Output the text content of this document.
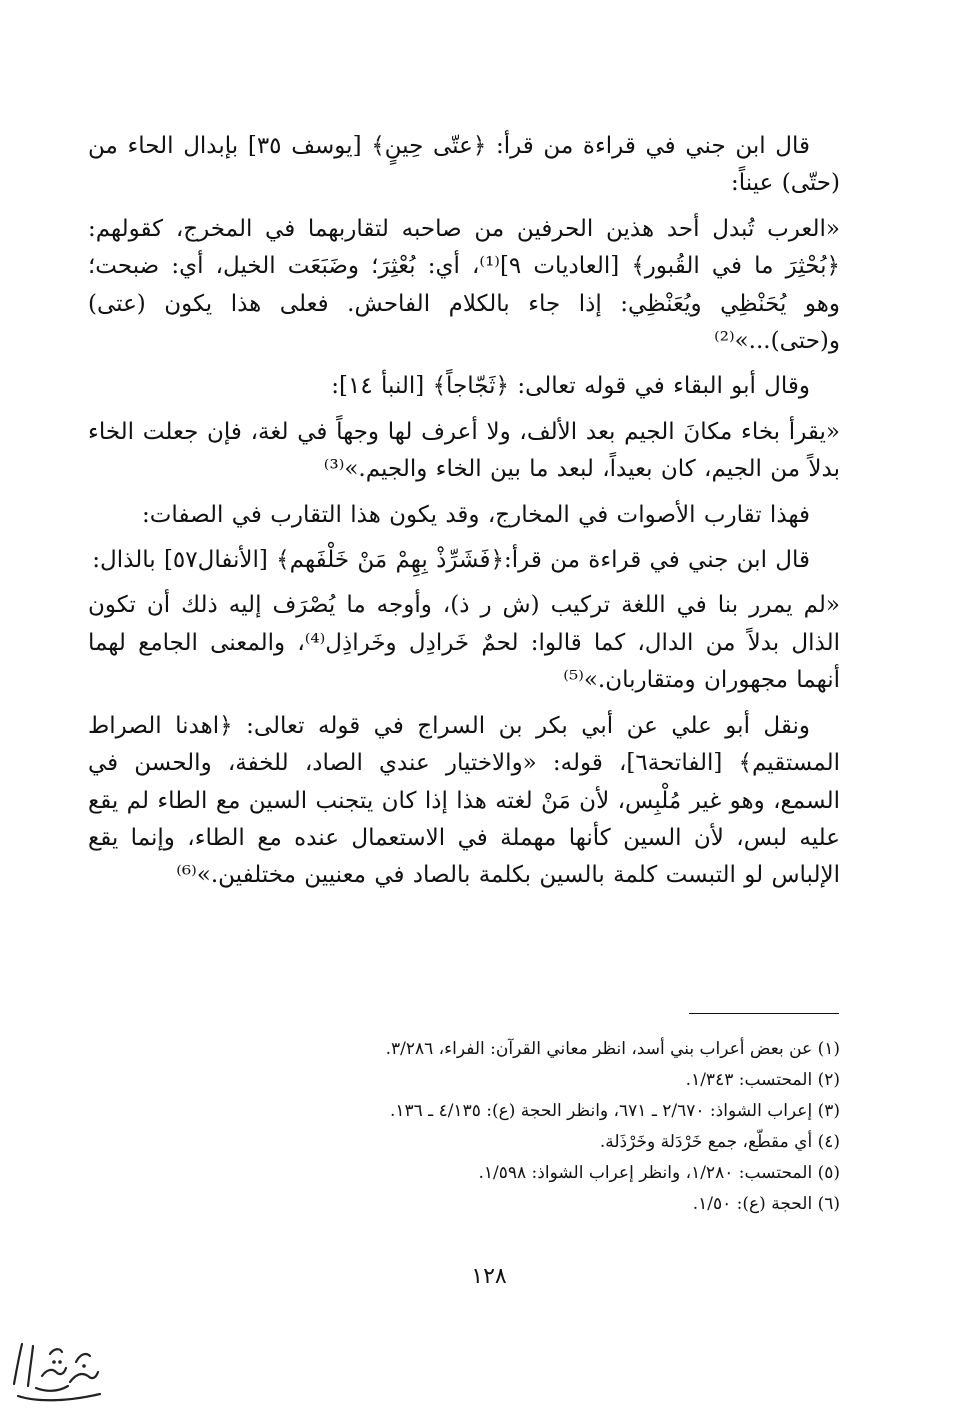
قال ابن جني في قراءة من قرأ: ﴿عتّى حِينٍ﴾ [يوسف ٣٥] بإبدال الحاء من (حتّى) عيناً:

«العرب تُبدل أحد هذين الحرفين من صاحبه لتقاربهما في المخرج، كقولهم: ﴿بُحْثِرَ ما في القُبور﴾ [العاديات ٩]⁽¹⁾، أي: بُعْثِرَ؛ وضَبَعَت الخيل، أي: ضبحت؛ وهو يُحَنْظِي ويُعَنْظِي: إذا جاء بالكلام الفاحش. فعلى هذا يكون (عتى) و(حتى)...»⁽²⁾

وقال أبو البقاء في قوله تعالى: ﴿ثَجّاجاً﴾ [النبأ ١٤]:

«يقرأ بخاء مكانَ الجيم بعد الألف، ولا أعرف لها وجهاً في لغة، فإن جعلت الخاء بدلاً من الجيم، كان بعيداً، لبعد ما بين الخاء والجيم.»⁽³⁾

فهذا تقارب الأصوات في المخارج، وقد يكون هذا التقارب في الصفات:

قال ابن جني في قراءة من قرأ:﴿فَشَرِّذْ بِهِمْ مَنْ خَلْفَهم﴾ [الأنفال٥٧] بالذال:

«لم يمرر بنا في اللغة تركيب (ش ر ذ)، وأوجه ما يُصْرَف إليه ذلك أن تكون الذال بدلاً من الدال، كما قالوا: لحمٌ خَرادِل وخَراذِل⁽⁴⁾، والمعنى الجامع لهما أنهما مجهوران ومتقاربان.»⁽⁵⁾

ونقل أبو علي عن أبي بكر بن السراج في قوله تعالى: ﴿اهدنا الصراط المستقيم﴾ [الفاتحة٦]، قوله: «والاختيار عندي الصاد، للخفة، والحسن في السمع، وهو غير مُلْبِس، لأن مَنْ لغته هذا إذا كان يتجنب السين مع الطاء لم يقع عليه لبس، لأن السين كأنها مهملة في الاستعمال عنده مع الطاء، وإنما يقع الإلباس لو التبست كلمة بالسين بكلمة بالصاد في معنيين مختلفين.»⁽⁶⁾

(١) عن بعض أعراب بني أسد، انظر معاني القرآن: الفراء، ٣/٢٨٦.

(٢) المحتسب: ١/٣٤٣.

(٣) إعراب الشواذ: ٢/٦٧٠ ـ ٦٧١، وانظر الحجة (ع): ٤/١٣٥ ـ ١٣٦.

(٤) أي مقطّع، جمع خَرْدَلة وخَرْذَلة.

(٥) المحتسب: ١/٢٨٠، وانظر إعراب الشواذ: ١/٥٩٨.

(٦) الحجة (ع): ١/٥٠.

١٢٨
